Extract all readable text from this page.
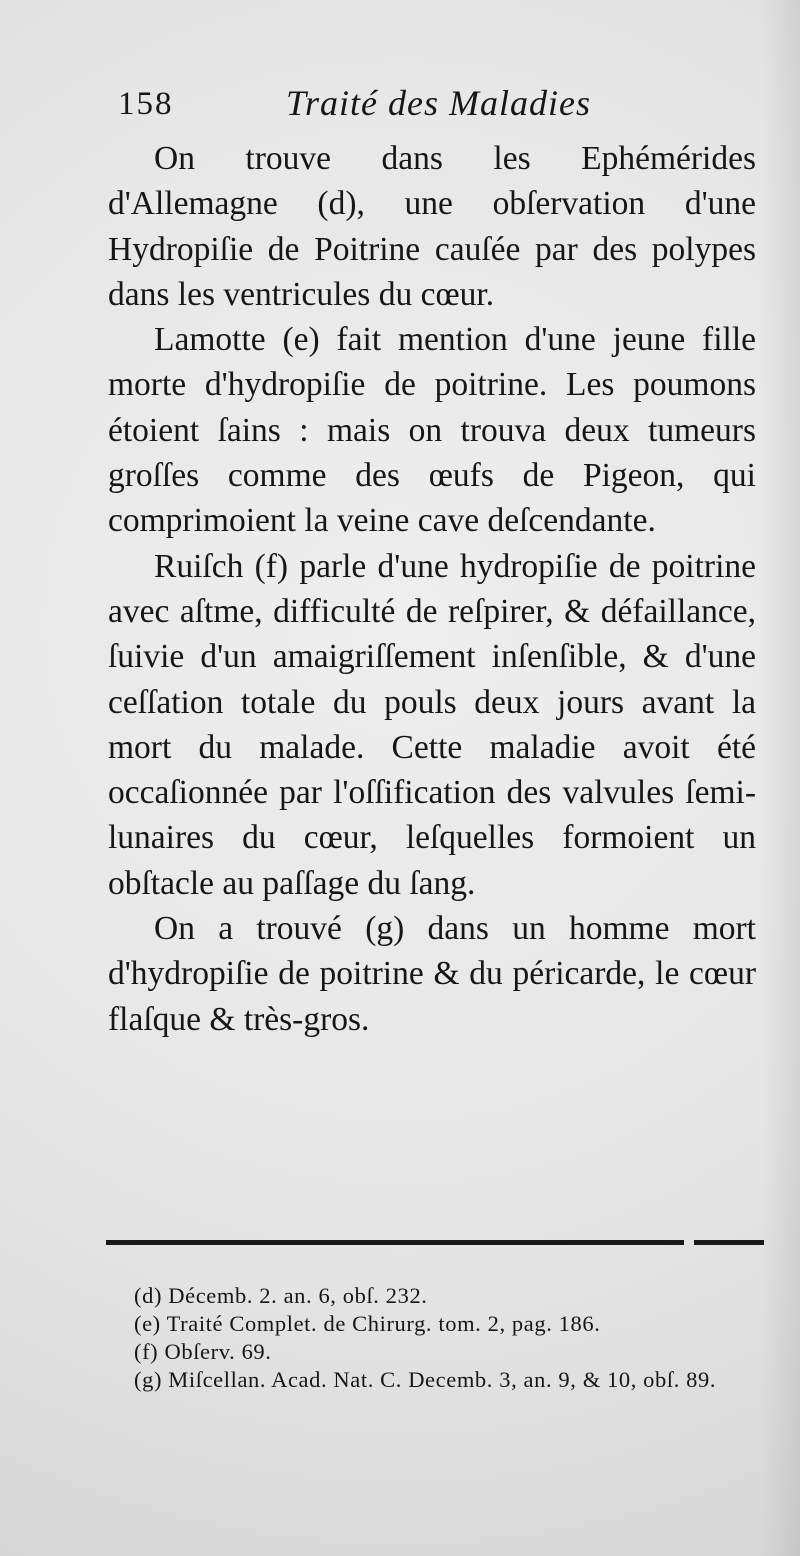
158	Traité des Maladies

On trouve dans les Ephémérides d'Allemagne (d), une obſervation d'une Hydropiſie de Poitrine cauſée par des polypes dans les ventricules du cœur.

Lamotte (e) fait mention d'une jeune fille morte d'hydropiſie de poitrine. Les poumons étoient ſains : mais on trouva deux tumeurs groſſes comme des œufs de Pigeon, qui comprimoient la veine cave deſcendante.

Ruiſch (f) parle d'une hydropiſie de poitrine avec aſtme, difficulté de reſpirer, & défaillance, ſuivie d'un amaigriſſement inſenſible, & d'une ceſſation totale du pouls deux jours avant la mort du malade. Cette maladie avoit été occaſionnée par l'oſſification des valvules ſemi-lunaires du cœur, leſquelles formoient un obſtacle au paſſage du ſang.

On a trouvé (g) dans un homme mort d'hydropiſie de poitrine & du péricarde, le cœur flaſque & très-gros.

(d) Décemb. 2. an. 6, obſ. 232.

(e) Traité Complet. de Chirurg. tom. 2, pag. 186.

(f) Obſerv. 69.

(g) Miſcellan. Acad. Nat. C. Decemb. 3, an. 9, & 10, obſ. 89.
